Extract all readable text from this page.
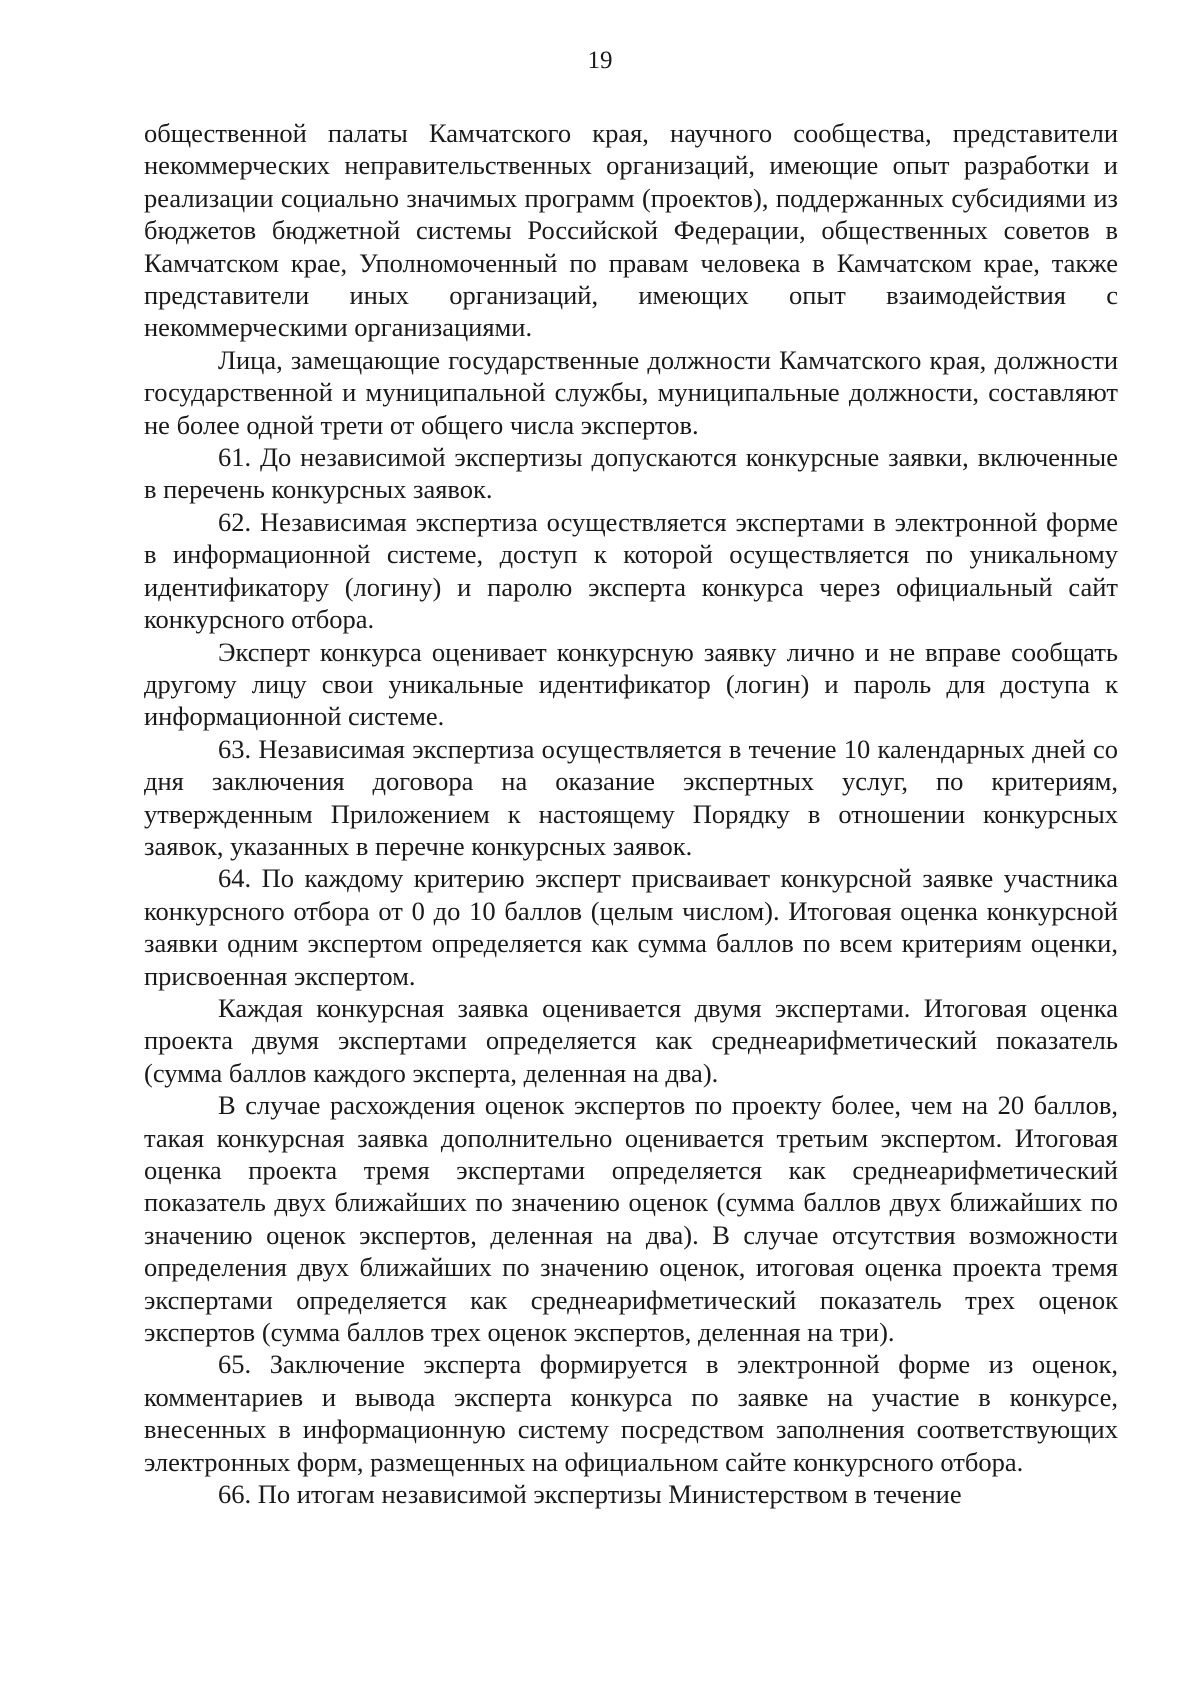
19

общественной палаты Камчатского края, научного сообщества, представители некоммерческих неправительственных организаций, имеющие опыт разработки и реализации социально значимых программ (проектов), поддержанных субсидиями из бюджетов бюджетной системы Российской Федерации, общественных советов в Камчатском крае, Уполномоченный по правам человека в Камчатском крае, также представители иных организаций, имеющих опыт взаимодействия с некоммерческими организациями.

Лица, замещающие государственные должности Камчатского края, должности государственной и муниципальной службы, муниципальные должности, составляют не более одной трети от общего числа экспертов.

61. До независимой экспертизы допускаются конкурсные заявки, включенные в перечень конкурсных заявок.

62. Независимая экспертиза осуществляется экспертами в электронной форме в информационной системе, доступ к которой осуществляется по уникальному идентификатору (логину) и паролю эксперта конкурса через официальный сайт конкурсного отбора.

Эксперт конкурса оценивает конкурсную заявку лично и не вправе сообщать другому лицу свои уникальные идентификатор (логин) и пароль для доступа к информационной системе.

63. Независимая экспертиза осуществляется в течение 10 календарных дней со дня заключения договора на оказание экспертных услуг, по критериям, утвержденным Приложением к настоящему Порядку в отношении конкурсных заявок, указанных в перечне конкурсных заявок.

64. По каждому критерию эксперт присваивает конкурсной заявке участника конкурсного отбора от 0 до 10 баллов (целым числом). Итоговая оценка конкурсной заявки одним экспертом определяется как сумма баллов по всем критериям оценки, присвоенная экспертом.

Каждая конкурсная заявка оценивается двумя экспертами. Итоговая оценка проекта двумя экспертами определяется как среднеарифметический показатель (сумма баллов каждого эксперта, деленная на два).

В случае расхождения оценок экспертов по проекту более, чем на 20 баллов, такая конкурсная заявка дополнительно оценивается третьим экспертом. Итоговая оценка проекта тремя экспертами определяется как среднеарифметический показатель двух ближайших по значению оценок (сумма баллов двух ближайших по значению оценок экспертов, деленная на два). В случае отсутствия возможности определения двух ближайших по значению оценок, итоговая оценка проекта тремя экспертами определяется как среднеарифметический показатель трех оценок экспертов (сумма баллов трех оценок экспертов, деленная на три).

65. Заключение эксперта формируется в электронной форме из оценок, комментариев и вывода эксперта конкурса по заявке на участие в конкурсе, внесенных в информационную систему посредством заполнения соответствующих электронных форм, размещенных на официальном сайте конкурсного отбора.

66. По итогам независимой экспертизы Министерством в течение
